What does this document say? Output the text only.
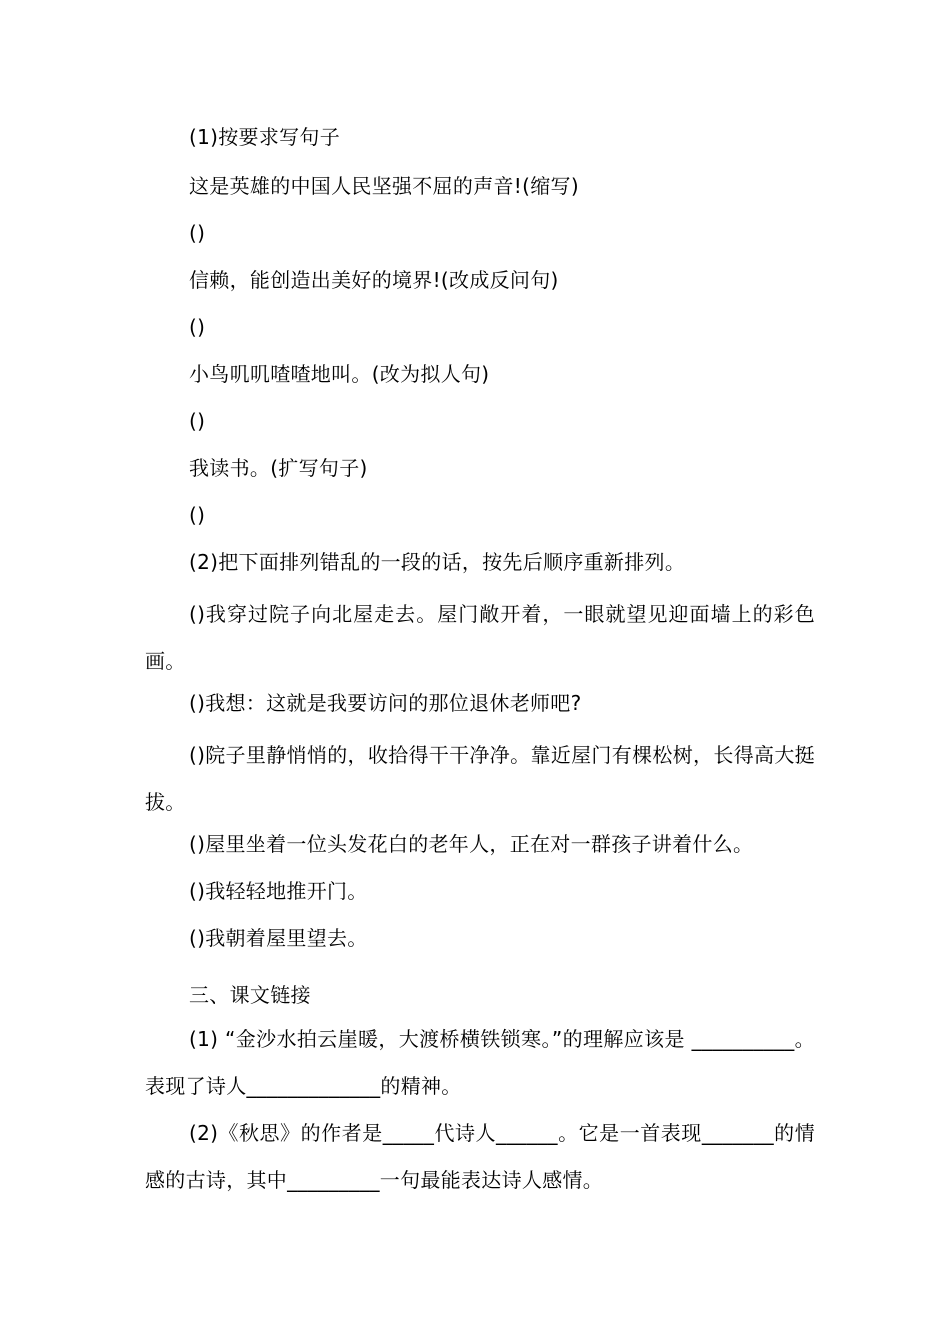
(1)按要求写句子
这是英雄的中国人民坚强不屈的声音!(缩写)
()
信赖，能创造出美好的境界!(改成反问句)
()
小鸟叽叽喳喳地叫。(改为拟人句)
()
我读书。(扩写句子)
()
(2)把下面排列错乱的一段的话，按先后顺序重新排列。
()我穿过院子向北屋走去。屋门敞开着，一眼就望见迎面墙上的彩色画。
()我想：这就是我要访问的那位退休老师吧?
()院子里静悄悄的，收拾得干干净净。靠近屋门有棵松树，长得高大挺拔。
()屋里坐着一位头发花白的老年人，正在对一群孩子讲着什么。
()我轻轻地推开门。
()我朝着屋里望去。
三、课文链接
(1) “金沙水拍云崖暖，大渡桥横铁锁寒。”的理解应该是 __________。表现了诗人_____________的精神。
(2)《秋思》的作者是_____代诗人______。它是一首表现_______的情感的古诗，其中_________一句最能表达诗人感情。
